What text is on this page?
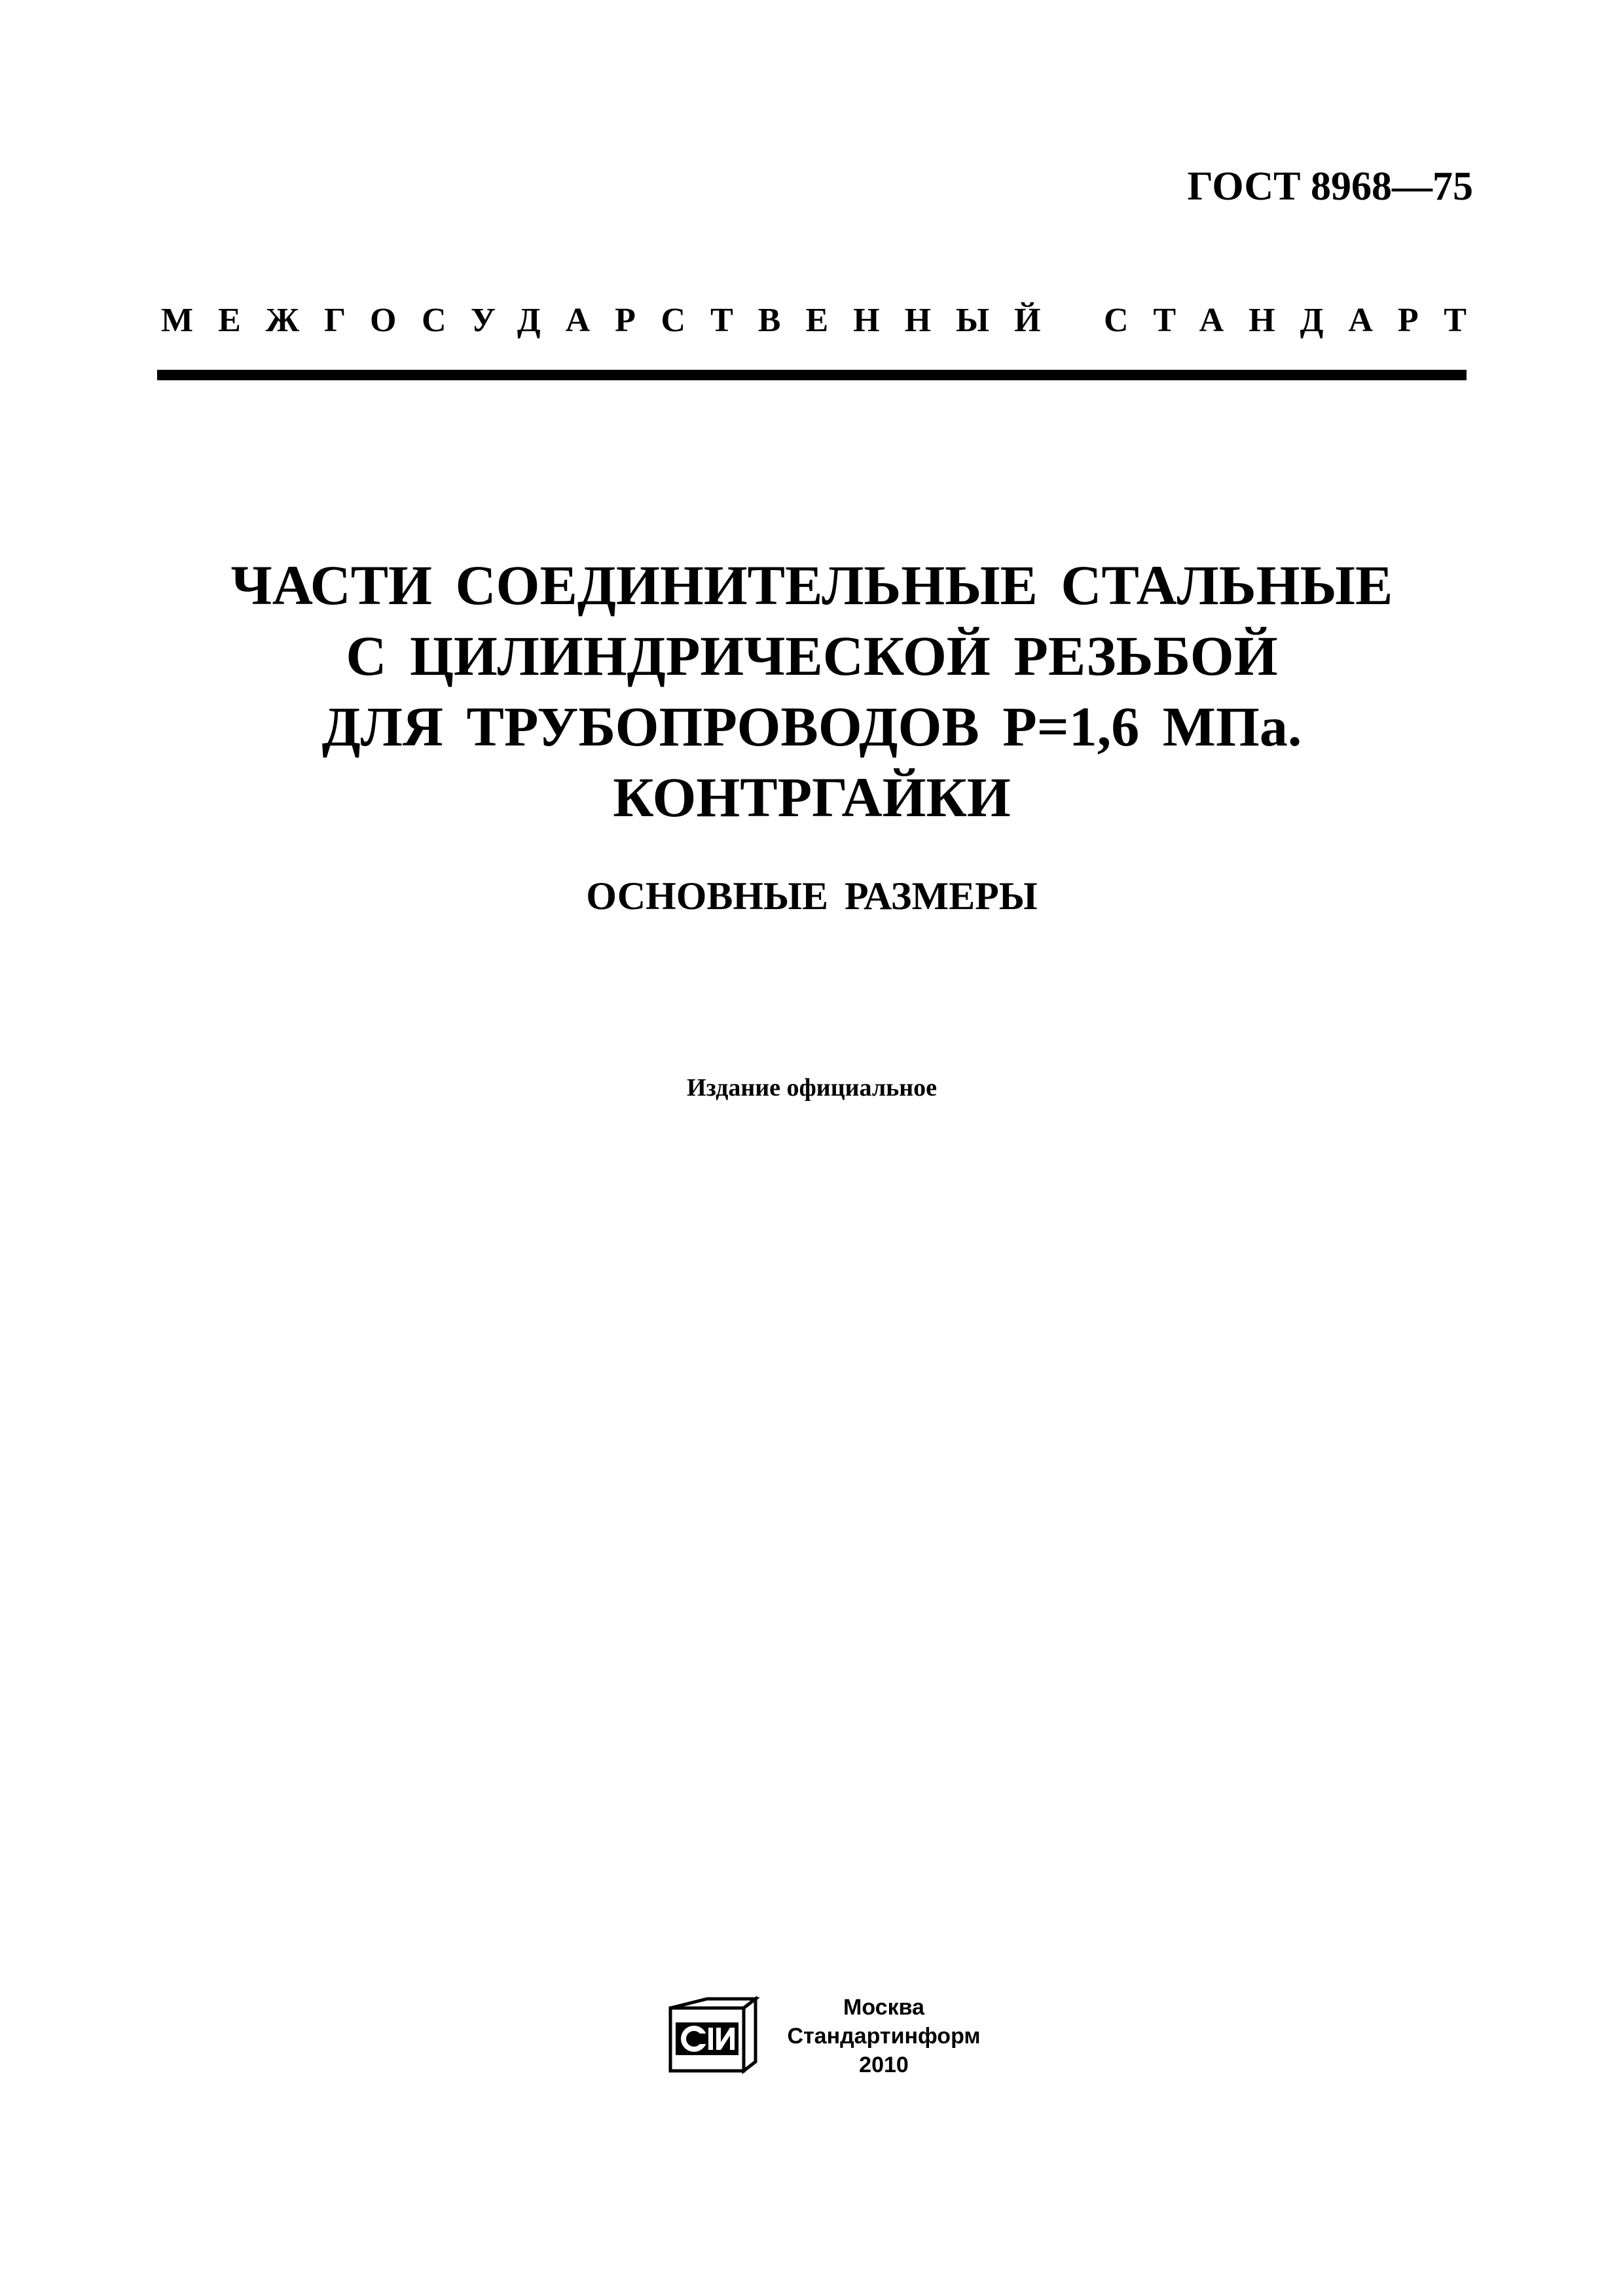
ГОСТ 8968—75
МЕЖГОСУДАРСТВЕННЫЙ СТАНДАРТ
ЧАСТИ СОЕДИНИТЕЛЬНЫЕ СТАЛЬНЫЕ
С ЦИЛИНДРИЧЕСКОЙ РЕЗЬБОЙ
ДЛЯ ТРУБОПРОВОДОВ P=1,6 МПа.
КОНТРГАЙКИ
ОСНОВНЫЕ РАЗМЕРЫ
Издание официальное
Москва
Стандартинформ
2010
